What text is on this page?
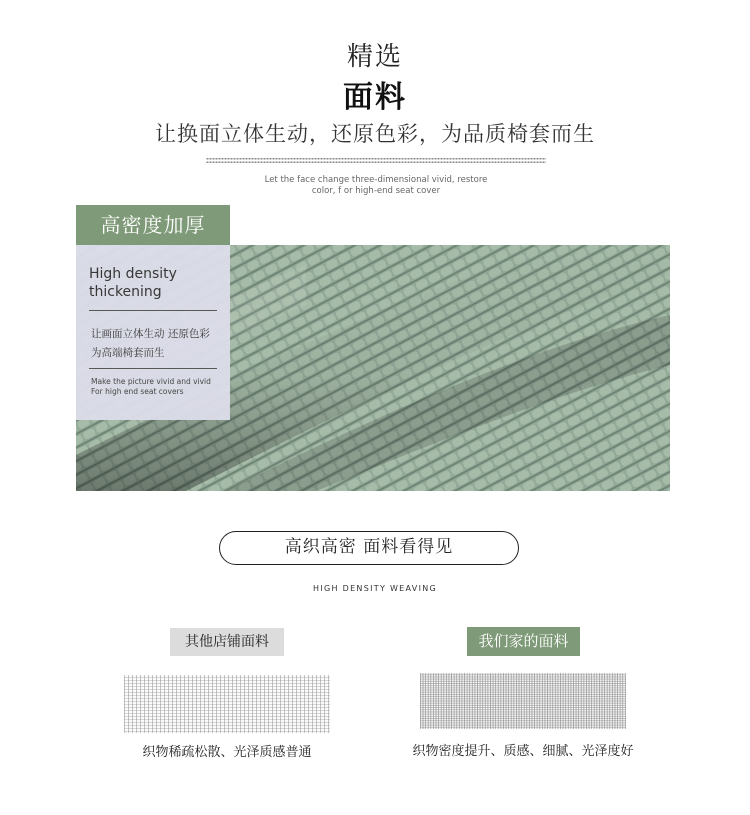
精选
面料
让换面立体生动，还原色彩，为品质椅套而生
Let the face change three-dimensional vivid, restore color, f or high-end seat cover
高密度加厚
High density thickening
让画面立体生动 还原色彩
为高端椅套而生
Make the picture vivid and vivid
For high end seat covers
高织高密 面料看得见
HIGH DENSITY WEAVING
其他店铺面料	我们家的面料
织物稀疏松散、光泽质感普通	织物密度提升、质感、细腻、光泽度好
